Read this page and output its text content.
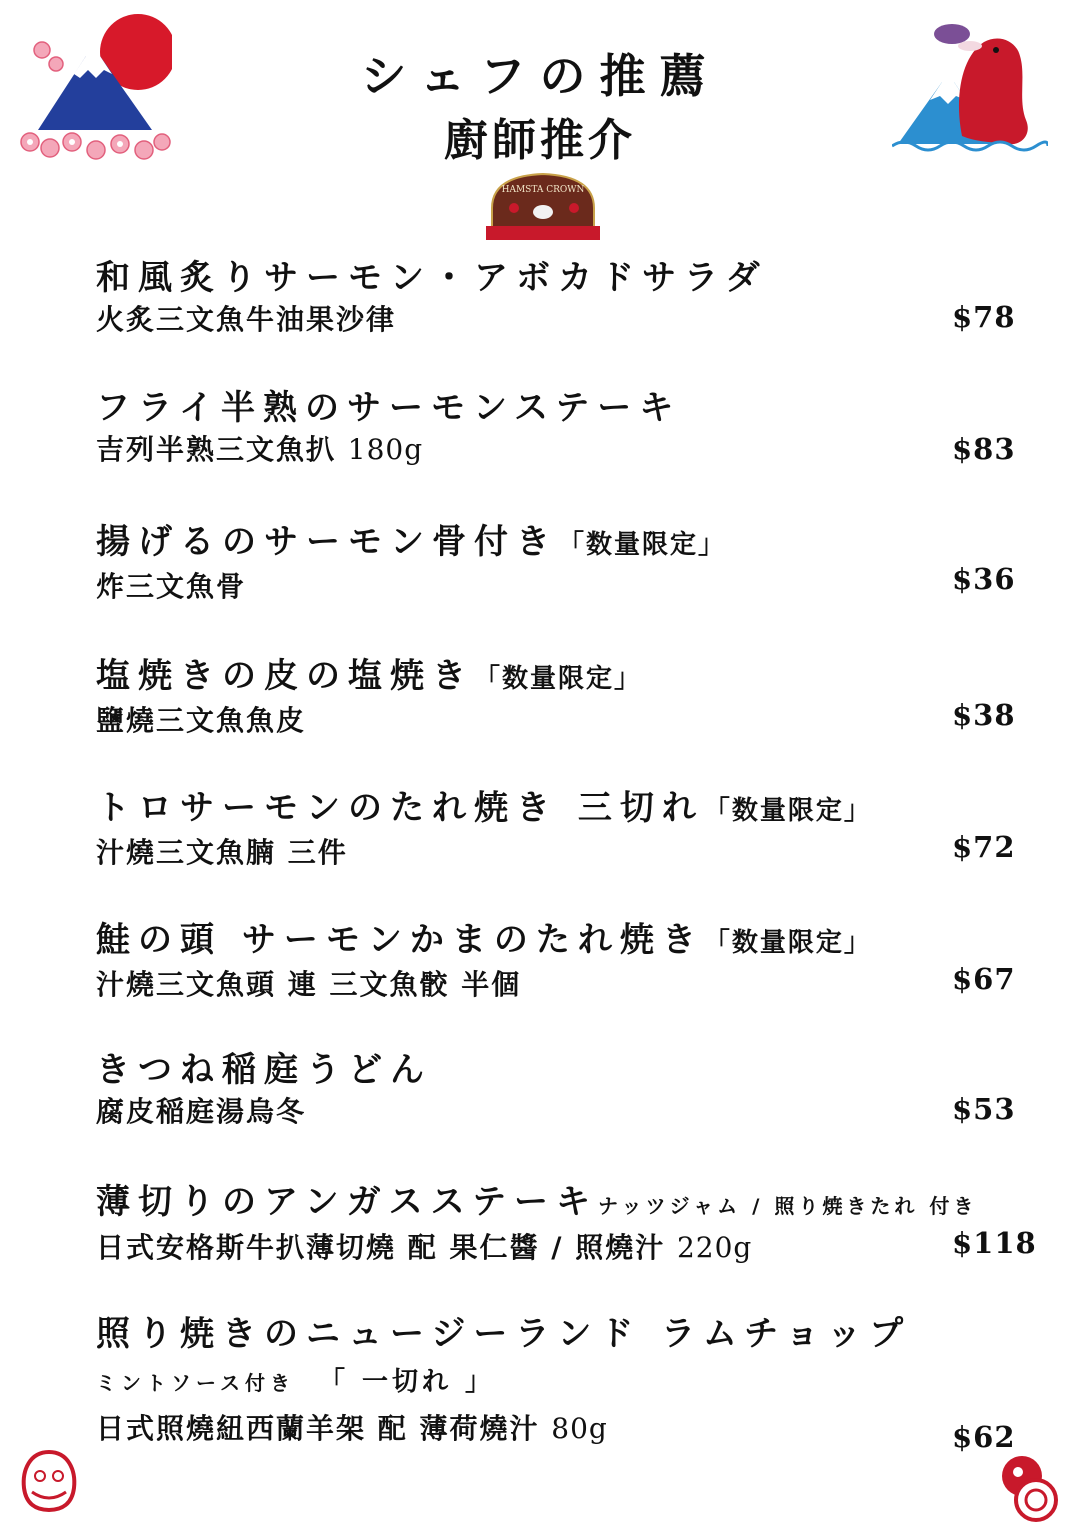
HAMSTA CROWN
シェフの推薦
廚師推介
和風炙りサーモン・アボカドサラダ
火炙三文魚牛油果沙律	$78
フライ半熟のサーモンステーキ
吉列半熟三文魚扒 180g	$83
揚げるのサーモン骨付き「数量限定」
炸三文魚骨	$36
塩焼きの皮の塩焼き「数量限定」
鹽燒三文魚魚皮	$38
トロサーモンのたれ焼き 三切れ「数量限定」
汁燒三文魚腩 三件	$72
鮭の頭 サーモンかまのたれ焼き「数量限定」
汁燒三文魚頭 連 三文魚骹 半個	$67
きつね稲庭うどん
腐皮稲庭湯烏冬	$53
薄切りのアンガスステーキナッツジャム / 照り焼きたれ 付き
日式安格斯牛扒薄切燒 配 果仁醬 / 照燒汁 220g	$118
照り焼きのニュージーランド ラムチョップ
ミントソース付き 「 一切れ 」
日式照燒紐西蘭羊架 配 薄荷燒汁 80g	$62
